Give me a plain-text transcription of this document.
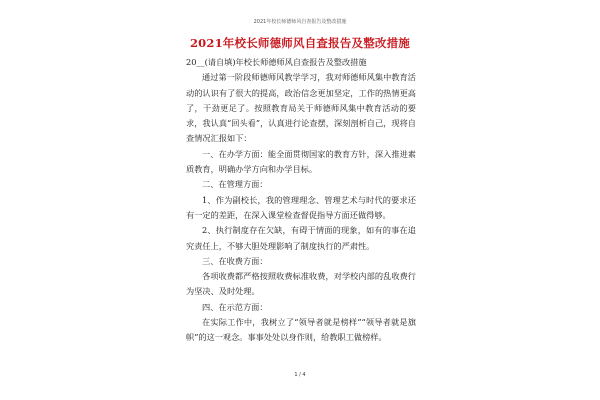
2021年校长师德师风自查报告及整改措施
2021年校长师德师风自查报告及整改措施

20__(请自填)年校长师德师风自查报告及整改措施

通过第一阶段师德师风教学学习，我对师德师风集中教育活动的认识有了很大的提高，政治信念更加坚定，工作的热情更高了，干劲更足了。按照教育局关于师德师风集中教育活动的要求，我认真“回头看”，认真进行论查摆，深刻剖析自己，现将自查情况汇报如下：

一、在办学方面：能全面贯彻国家的教育方针，深入推进素质教育，明确办学方向和办学目标。

二、在管理方面：

1、作为副校长，我的管理理念、管理艺术与时代的要求还有一定的差距，在深入课堂检查督促指导方面还做得够。

2、执行制度存在欠缺，有碍于情面的现象，如有的事在追究责任上，不够大胆处理影响了制度执行的严肃性。

三、在收费方面：

各项收费都严格按照收费标准收费，对学校内部的乱收费行为坚决、及时处理。

四、在示范方面：

在实际工作中，我树立了“领导者就是榜样”“领导者就是旗帜”的这一观念。事事处处以身作则，给教职工做榜样。

1 / 4
